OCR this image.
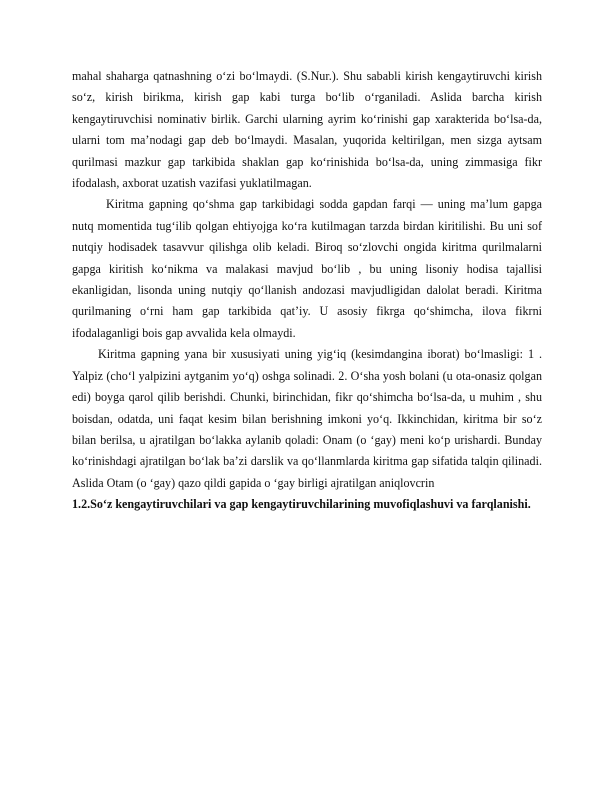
mahal shaharga qatnashning o‘zi bo‘lmaydi. (S.Nur.). Shu sababli kirish kengaytiruvchi kirish so‘z, kirish birikma, kirish gap kabi turga bo‘lib o‘rganiladi. Aslida barcha kirish kengaytiruvchisi nominativ birlik. Garchi ularning ayrim ko‘rinishi gap xarakterida bo‘lsa-da, ularni tom ma’nodagi gap deb bo‘lmaydi. Masalan, yuqorida keltirilgan, men sizga aytsam qurilmasi mazkur gap tarkibida shaklan gap ko‘rinishida bo‘lsa-da, uning zimmasiga fikr ifodalash, axborat uzatish vazifasi yuklatilmagan.

Kiritma gapning qo‘shma gap tarkibidagi sodda gapdan farqi — uning ma’lum gapga nutq momentida tug‘ilib qolgan ehtiyojga ko‘ra kutilmagan tarzda birdan kiritilishi. Bu uni sof nutqiy hodisadek tasavvur qilishga olib keladi. Biroq so‘zlovchi ongida kiritma qurilmalarni gapga kiritish ko‘nikma va malakasi mavjud bo‘lib , bu uning lisoniy hodisa tajallisi ekanligidan, lisonda uning nutqiy qo‘llanish andozasi mavjudligidan dalolat beradi. Kiritma qurilmaning o‘rni ham gap tarkibida qat’iy. U asosiy fikrga qo‘shimcha, ilova fikrni ifodalaganligi bois gap avvalida kela olmaydi.

Kiritma gapning yana bir xususiyati uning yig‘iq (kesimdangina iborat) bo‘lmasligi: 1 . Yalpiz (cho‘l yalpizini aytganim yo‘q) oshga solinadi. 2. O‘sha yosh bolani (u ota-onasiz qolgan edi) boyga qarol qilib berishdi. Chunki, birinchidan, fikr qo‘shimcha bo‘lsa-da, u muhim , shu boisdan, odatda, uni faqat kesim bilan berishning imkoni yo‘q. Ikkinchidan, kiritma bir so‘z bilan berilsa, u ajratilgan bo‘lakka aylanib qoladi: Onam (o ‘gay) meni ko‘p urishardi. Bunday ko‘rinishdagi ajratilgan bo‘lak ba’zi darslik va qo‘llanmlarda kiritma gap sifatida talqin qilinadi. Aslida Otam (o ‘gay) qazo qildi gapida o ‘gay birligi ajratilgan aniqlovcrin

1.2.So‘z kengaytiruvchilari va gap kengaytiruvchilarining muvofiqlashuvi va farqlanishi.
